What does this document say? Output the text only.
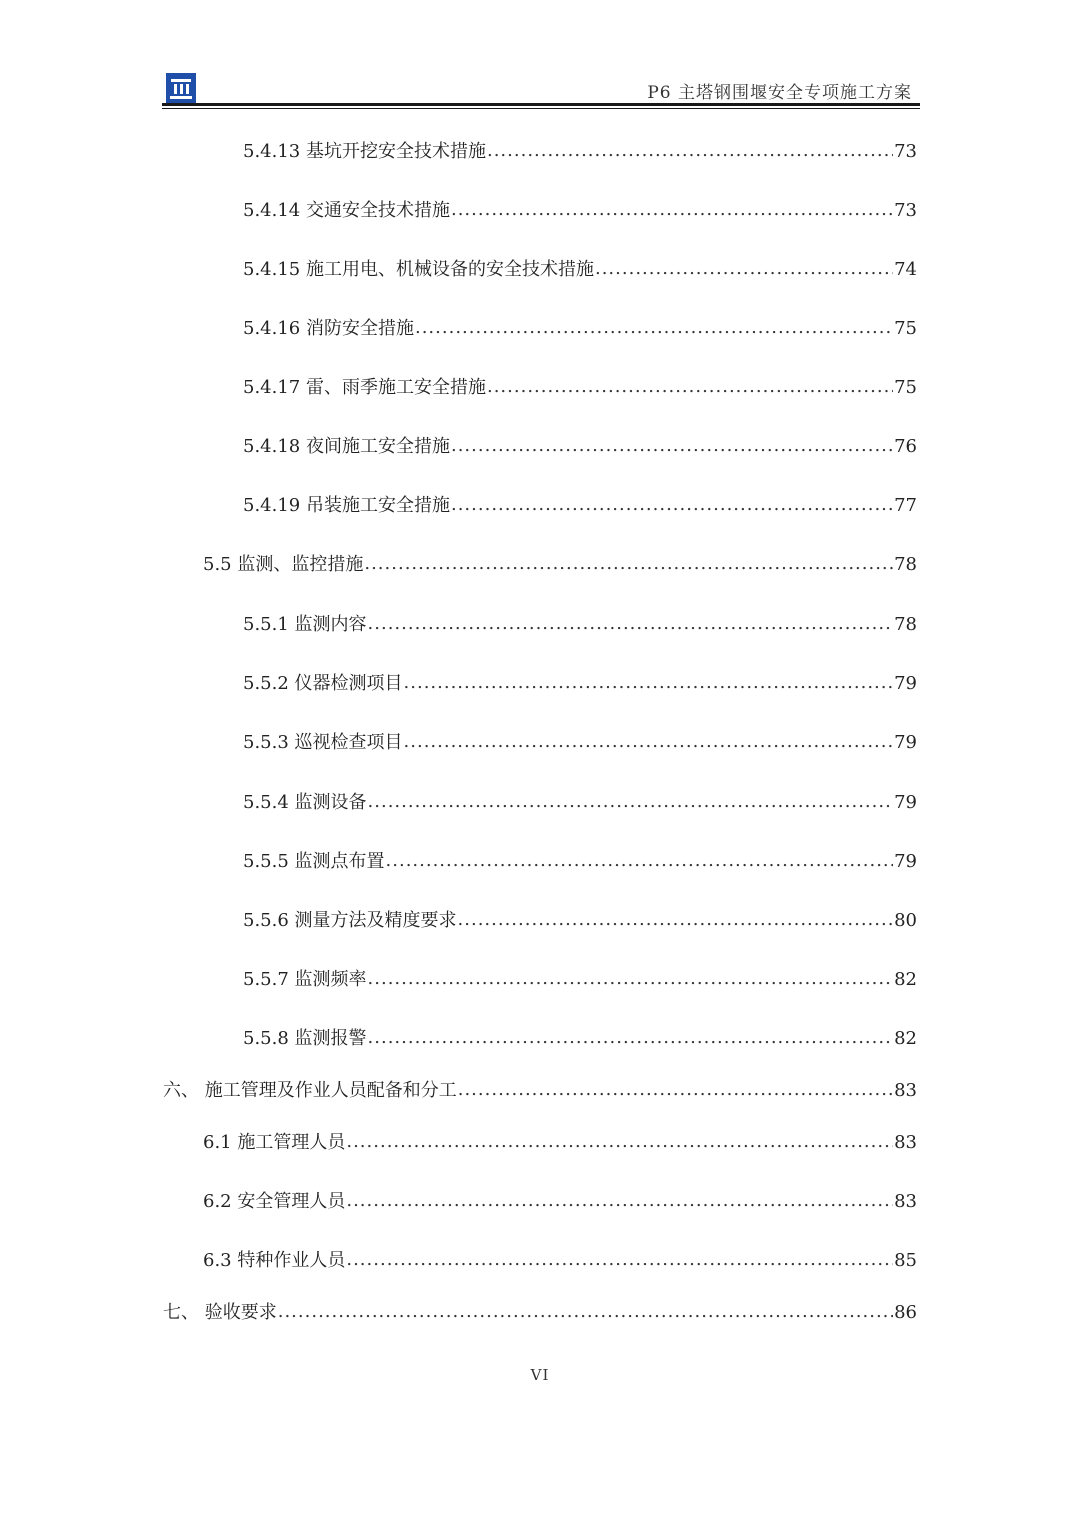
P6 主塔钢围堰安全专项施工方案
5.4.13 基坑开挖安全技术措施 .....	73
5.4.14 交通安全技术措施 .....	73
5.4.15 施工用电、机械设备的安全技术措施 .....	74
5.4.16 消防安全措施 .....	75
5.4.17 雷、雨季施工安全措施 .....	75
5.4.18 夜间施工安全措施 .....	76
5.4.19 吊装施工安全措施 .....	77
5.5 监测、监控措施 .....	78
5.5.1 监测内容 .....	78
5.5.2 仪器检测项目 .....	79
5.5.3 巡视检查项目 .....	79
5.5.4 监测设备 .....	79
5.5.5 监测点布置 .....	79
5.5.6 测量方法及精度要求 .....	80
5.5.7 监测频率 .....	82
5.5.8 监测报警 .....	82
六、 施工管理及作业人员配备和分工 .....	83
6.1 施工管理人员 .....	83
6.2 安全管理人员 .....	83
6.3 特种作业人员 .....	85
七、 验收要求 .....	86
VI
